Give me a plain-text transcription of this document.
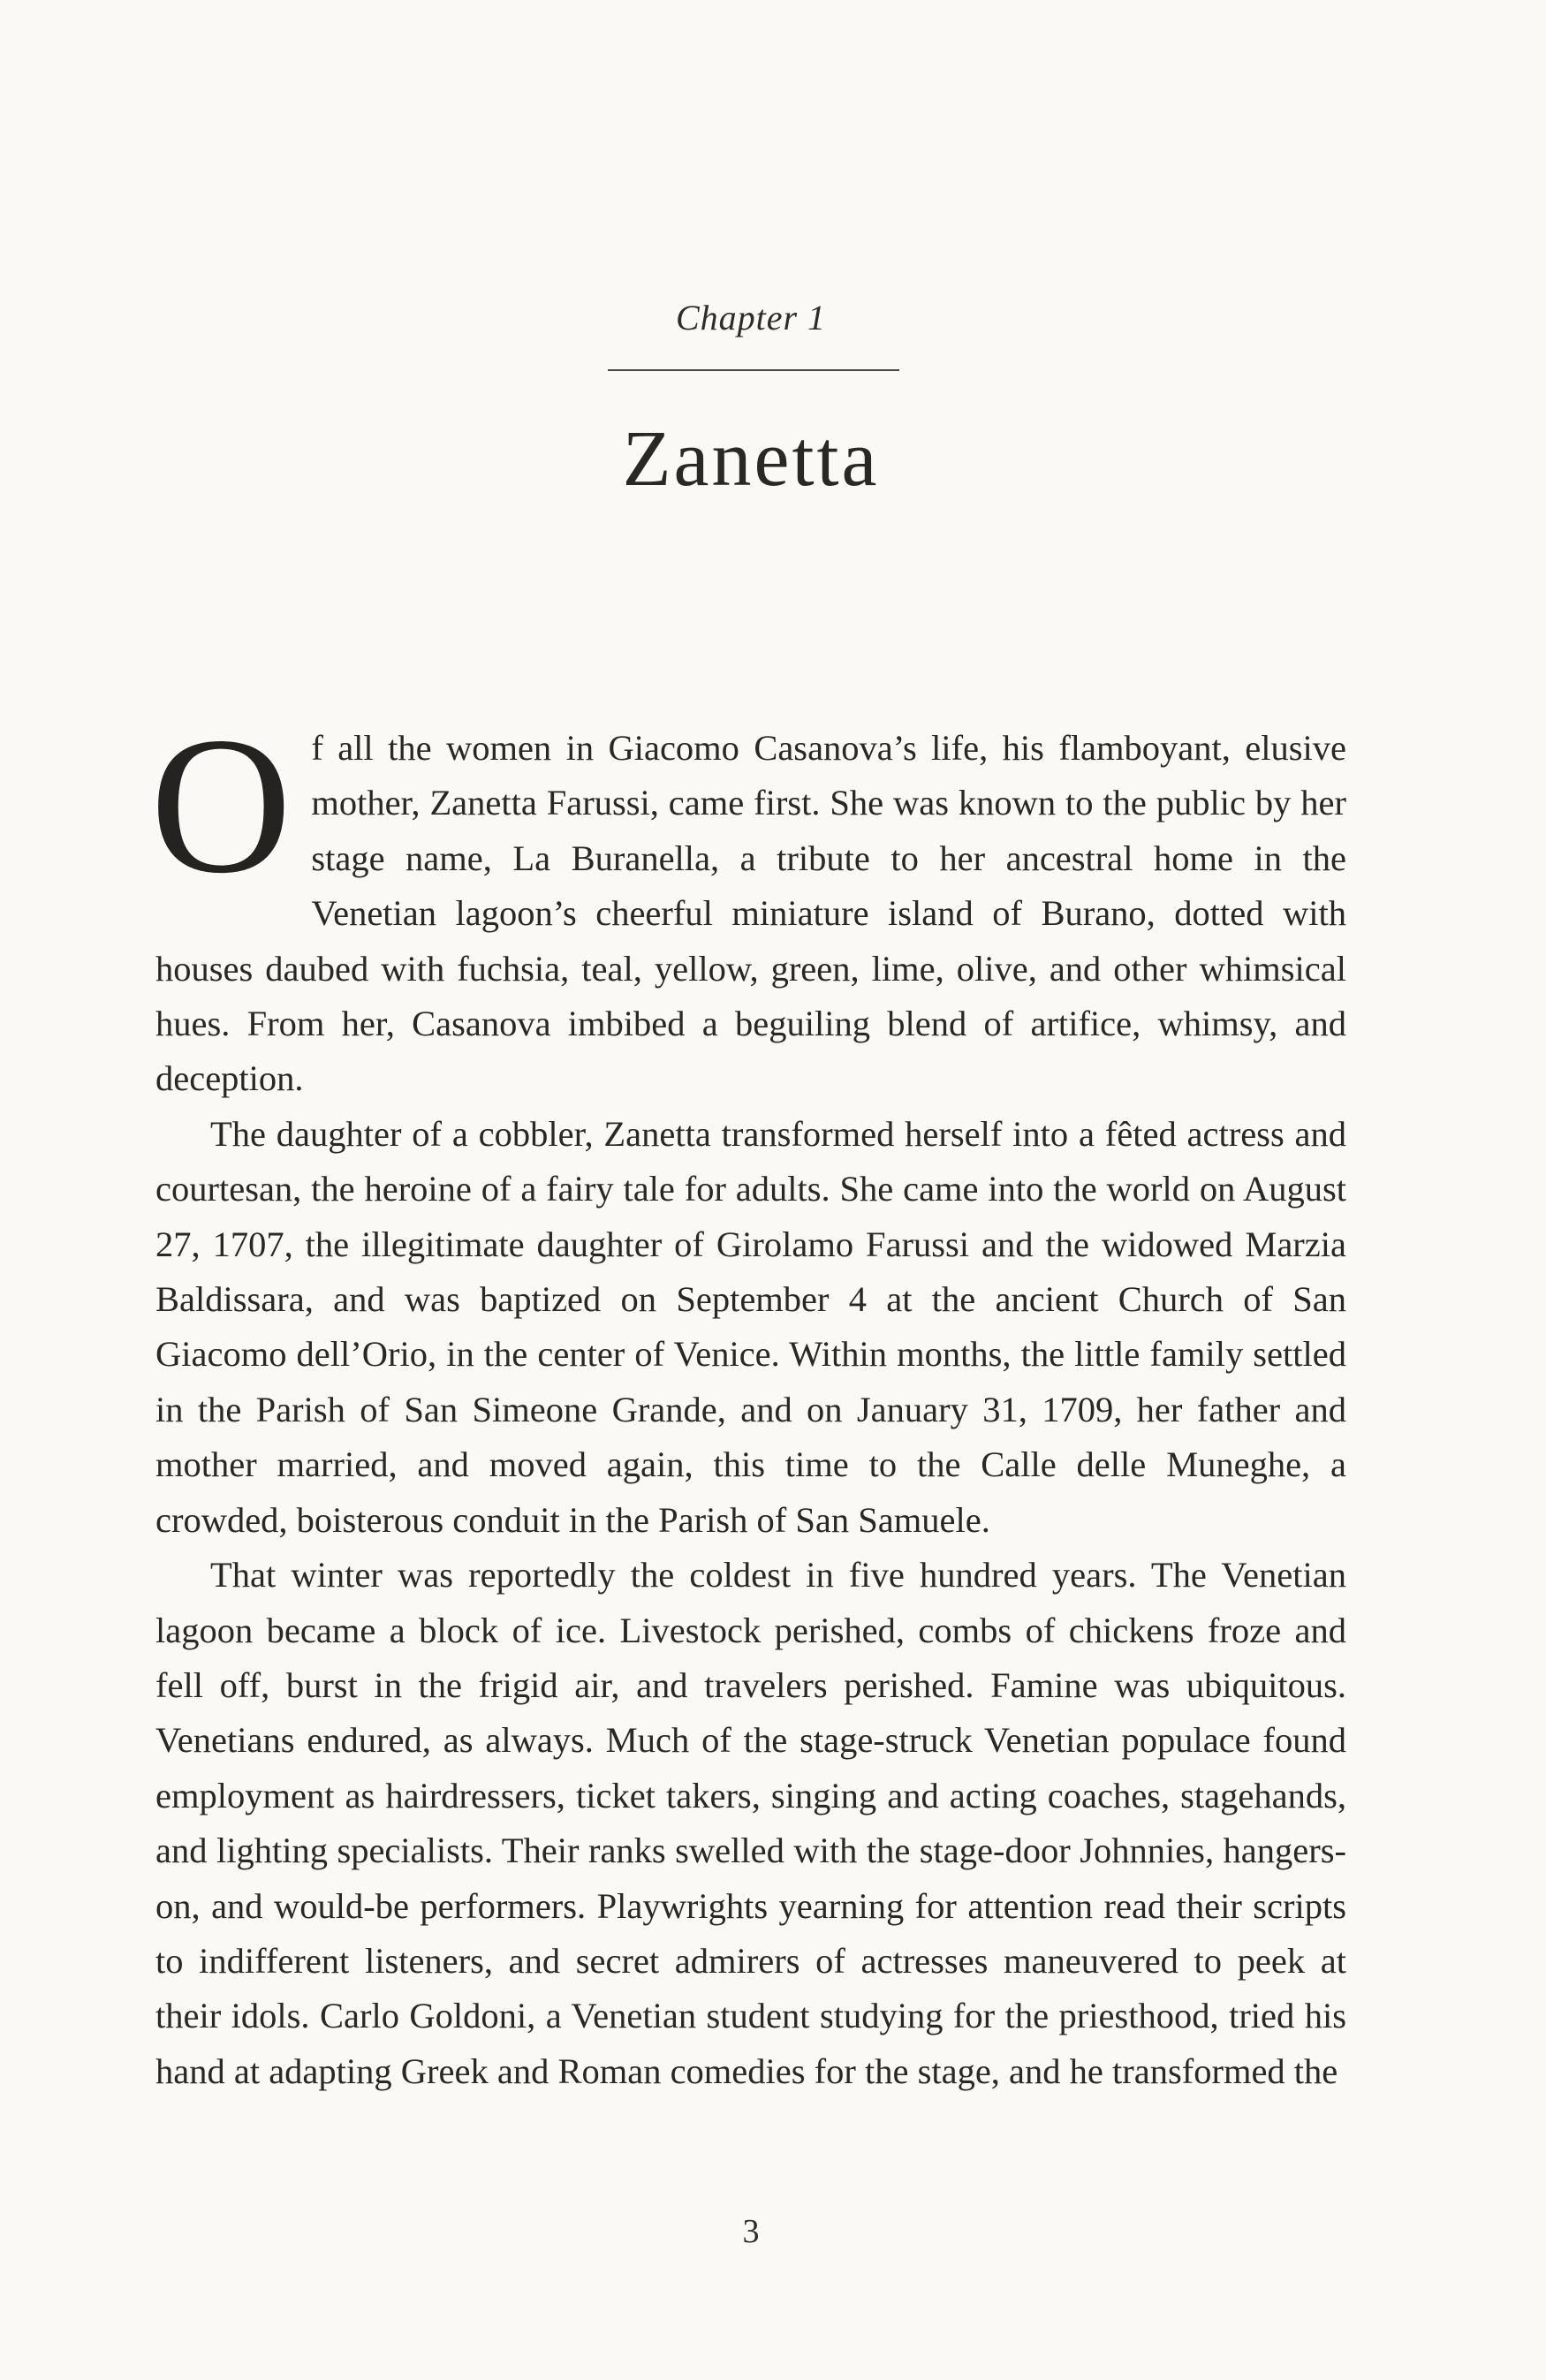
Chapter 1
Zanetta

Of all the women in Giacomo Casanova’s life, his flamboyant, elusive mother, Zanetta Farussi, came first. She was known to the public by her stage name, La Buranella, a tribute to her ancestral home in the Venetian lagoon’s cheerful miniature island of Burano, dotted with houses daubed with fuchsia, teal, yellow, green, lime, olive, and other whimsical hues. From her, Casanova imbibed a beguiling blend of artifice, whimsy, and deception.

The daughter of a cobbler, Zanetta transformed herself into a fêted actress and courtesan, the heroine of a fairy tale for adults. She came into the world on August 27, 1707, the illegitimate daughter of Girolamo Farussi and the widowed Marzia Baldissara, and was baptized on September 4 at the ancient Church of San Giacomo dell’Orio, in the center of Venice. Within months, the little family settled in the Parish of San Simeone Grande, and on January 31, 1709, her father and mother married, and moved again, this time to the Calle delle Muneghe, a crowded, boisterous conduit in the Parish of San Samuele.

That winter was reportedly the coldest in five hundred years. The Venetian lagoon became a block of ice. Livestock perished, combs of chickens froze and fell off, burst in the frigid air, and travelers perished. Famine was ubiquitous. Venetians endured, as always. Much of the stage-struck Venetian populace found employment as hairdressers, ticket takers, singing and acting coaches, stagehands, and lighting specialists. Their ranks swelled with the stage-door Johnnies, hangers-on, and would-be performers. Playwrights yearning for attention read their scripts to indifferent listeners, and secret admirers of actresses maneuvered to peek at their idols. Carlo Goldoni, a Venetian student studying for the priesthood, tried his hand at adapting Greek and Roman comedies for the stage, and he transformed the

3
